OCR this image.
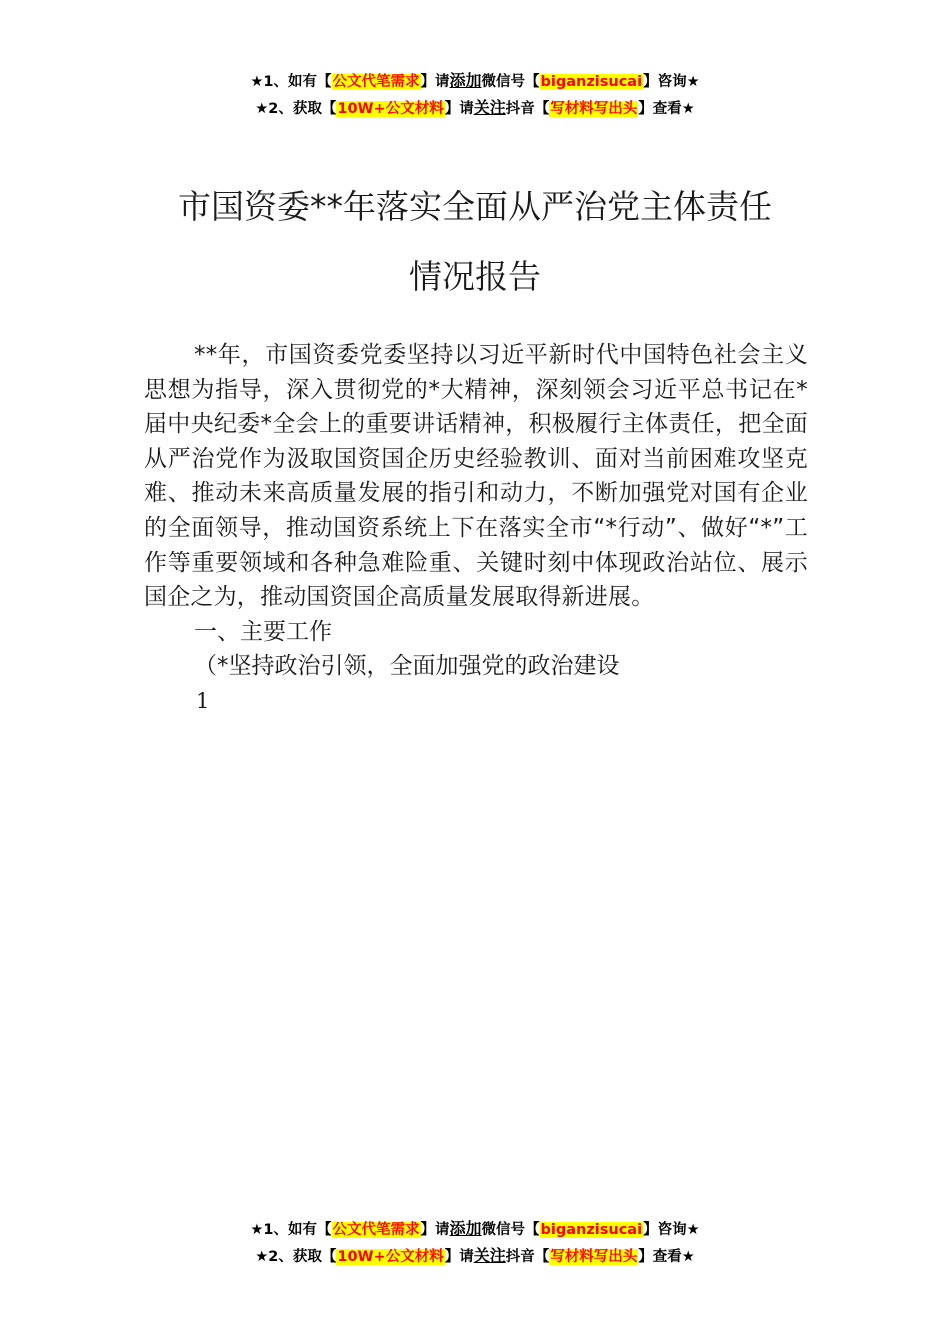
★1、如有【公文代笔需求】请添加微信号【biganzisucai】咨询★
★2、获取【10W+公文材料】请关注抖音【写材料写出头】查看★
市国资委**年落实全面从严治党主体责任
情况报告

**年，市国资委党委坚持以习近平新时代中国特色社会主义思想为指导，深入贯彻党的*大精神，深刻领会习近平总书记在*届中央纪委*全会上的重要讲话精神，积极履行主体责任，把全面从严治党作为汲取国资国企历史经验教训、面对当前困难攻坚克难、推动未来高质量发展的指引和动力，不断加强党对国有企业的全面领导，推动国资系统上下在落实全市“*行动”、做好“*”工作等重要领域和各种急难险重、关键时刻中体现政治站位、展示国企之为，推动国资国企高质量发展取得新进展。

一、主要工作

（*坚持政治引领，全面加强党的政治建设

1

★1、如有【公文代笔需求】请添加微信号【biganzisucai】咨询★
★2、获取【10W+公文材料】请关注抖音【写材料写出头】查看★
